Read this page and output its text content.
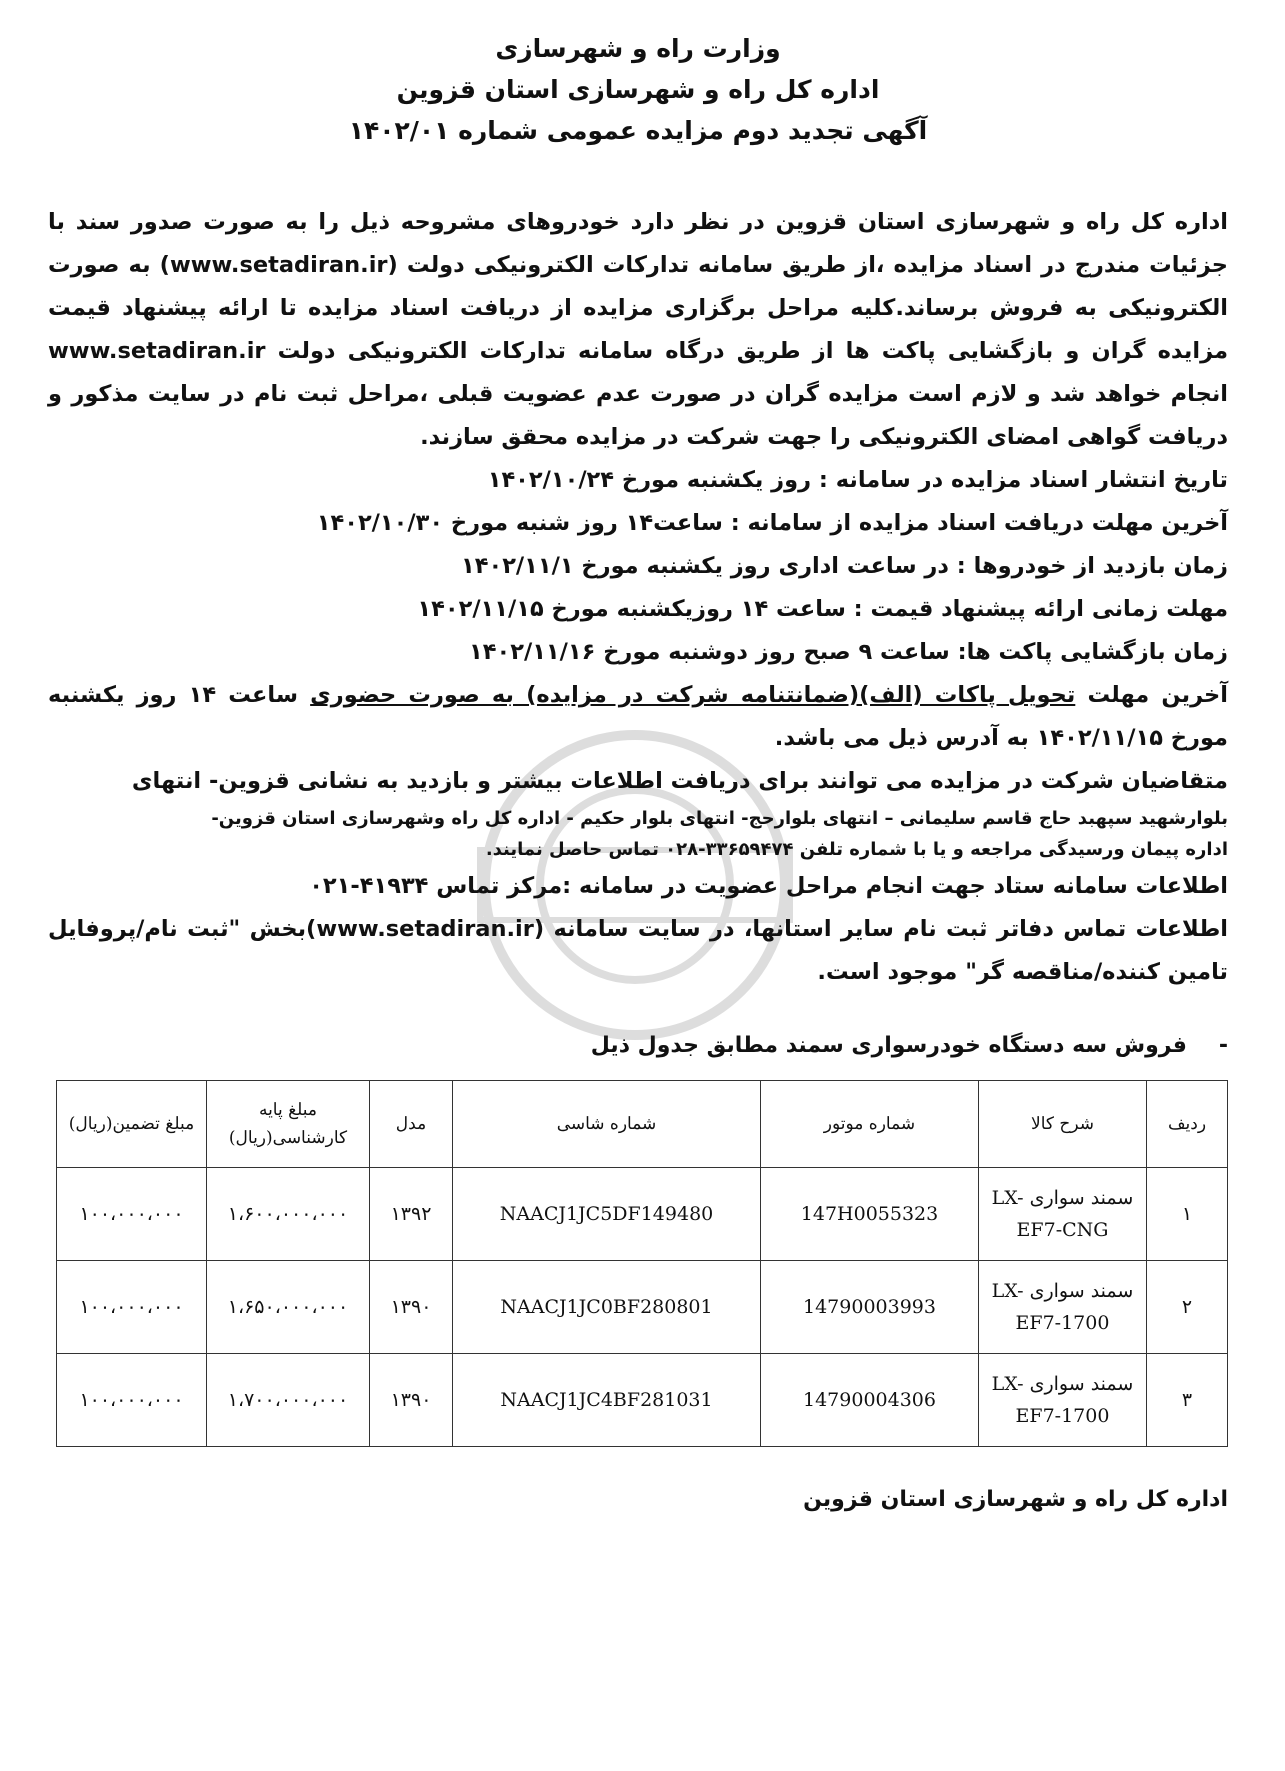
وزارت راه و شهرسازی
اداره کل راه و شهرسازی استان قزوین
آگهی تجدید دوم مزایده عمومی شماره ۱۴۰۲/۰۱

اداره کل راه و شهرسازی استان قزوین در نظر دارد خودروهای مشروحه ذیل را به صورت صدور سند با جزئیات مندرج در اسناد مزایده ،از طریق سامانه تدارکات الکترونیکی دولت (www.setadiran.ir) به صورت الکترونیکی به فروش برساند.کلیه مراحل برگزاری مزایده از دریافت اسناد مزایده تا ارائه پیشنهاد قیمت مزایده گران و بازگشایی پاکت ها از طریق درگاه سامانه تدارکات الکترونیکی دولت www.setadiran.ir انجام خواهد شد و لازم است مزایده گران در صورت عدم عضویت قبلی ،مراحل ثبت نام در سایت مذکور و دریافت گواهی امضای الکترونیکی را جهت شرکت در مزایده محقق سازند.

تاریخ انتشار اسناد مزایده در سامانه : روز یکشنبه مورخ ۱۴۰۲/۱۰/۲۴

آخرین مهلت دریافت اسناد مزایده از سامانه : ساعت۱۴ روز شنبه مورخ ۱۴۰۲/۱۰/۳۰

زمان بازدید از خودروها : در ساعت اداری روز یکشنبه مورخ ۱۴۰۲/۱۱/۱

مهلت زمانی ارائه پیشنهاد قیمت : ساعت ۱۴ روزیکشنبه مورخ ۱۴۰۲/۱۱/۱۵

زمان بازگشایی پاکت ها: ساعت ۹ صبح روز دوشنبه مورخ ۱۴۰۲/۱۱/۱۶

آخرین مهلت تحویل پاکات (الف)(ضمانتنامه شرکت در مزایده) به صورت حضوری ساعت ۱۴ روز یکشنبه مورخ ۱۴۰۲/۱۱/۱۵ به آدرس ذیل می باشد.

متقاضیان شرکت در مزایده می توانند برای دریافت اطلاعات بیشتر و بازدید به نشانی قزوین- انتهای

بلوارشهید سپهبد حاج قاسم سلیمانی – انتهای بلوارحج- انتهای بلوار حکیم - اداره کل راه وشهرسازی استان قزوین-

اداره پیمان ورسیدگی مراجعه و یا با شماره تلفن ۳۳۶۵۹۴۷۴-۰۲۸ تماس حاصل نمایند.

اطلاعات سامانه ستاد جهت انجام مراحل عضویت در سامانه :مرکز تماس ۴۱۹۳۴-۰۲۱

اطلاعات تماس دفاتر ثبت نام سایر استانها، در سایت سامانه (www.setadiran.ir)بخش "ثبت نام/پروفایل تامین کننده/مناقصه گر" موجود است.

-فروش سه دستگاه خودرسواری سمند مطابق جدول ذیل
ردیف	شرح کالا	شماره موتور	شماره شاسی	مدل	مبلغ پایه کارشناسی(ریال)	مبلغ تضمین(ریال)
۱	سمند سواری LX-EF7-CNG	147H0055323	NAACJ1JC5DF149480	۱۳۹۲	۱،۶۰۰،۰۰۰،۰۰۰	۱۰۰،۰۰۰،۰۰۰
۲	سمند سواری LX-EF7-1700	14790003993	NAACJ1JC0BF280801	۱۳۹۰	۱،۶۵۰،۰۰۰،۰۰۰	۱۰۰،۰۰۰،۰۰۰
۳	سمند سواری LX-EF7-1700	14790004306	NAACJ1JC4BF281031	۱۳۹۰	۱،۷۰۰،۰۰۰،۰۰۰	۱۰۰،۰۰۰،۰۰۰
اداره کل راه و شهرسازی استان قزوین
